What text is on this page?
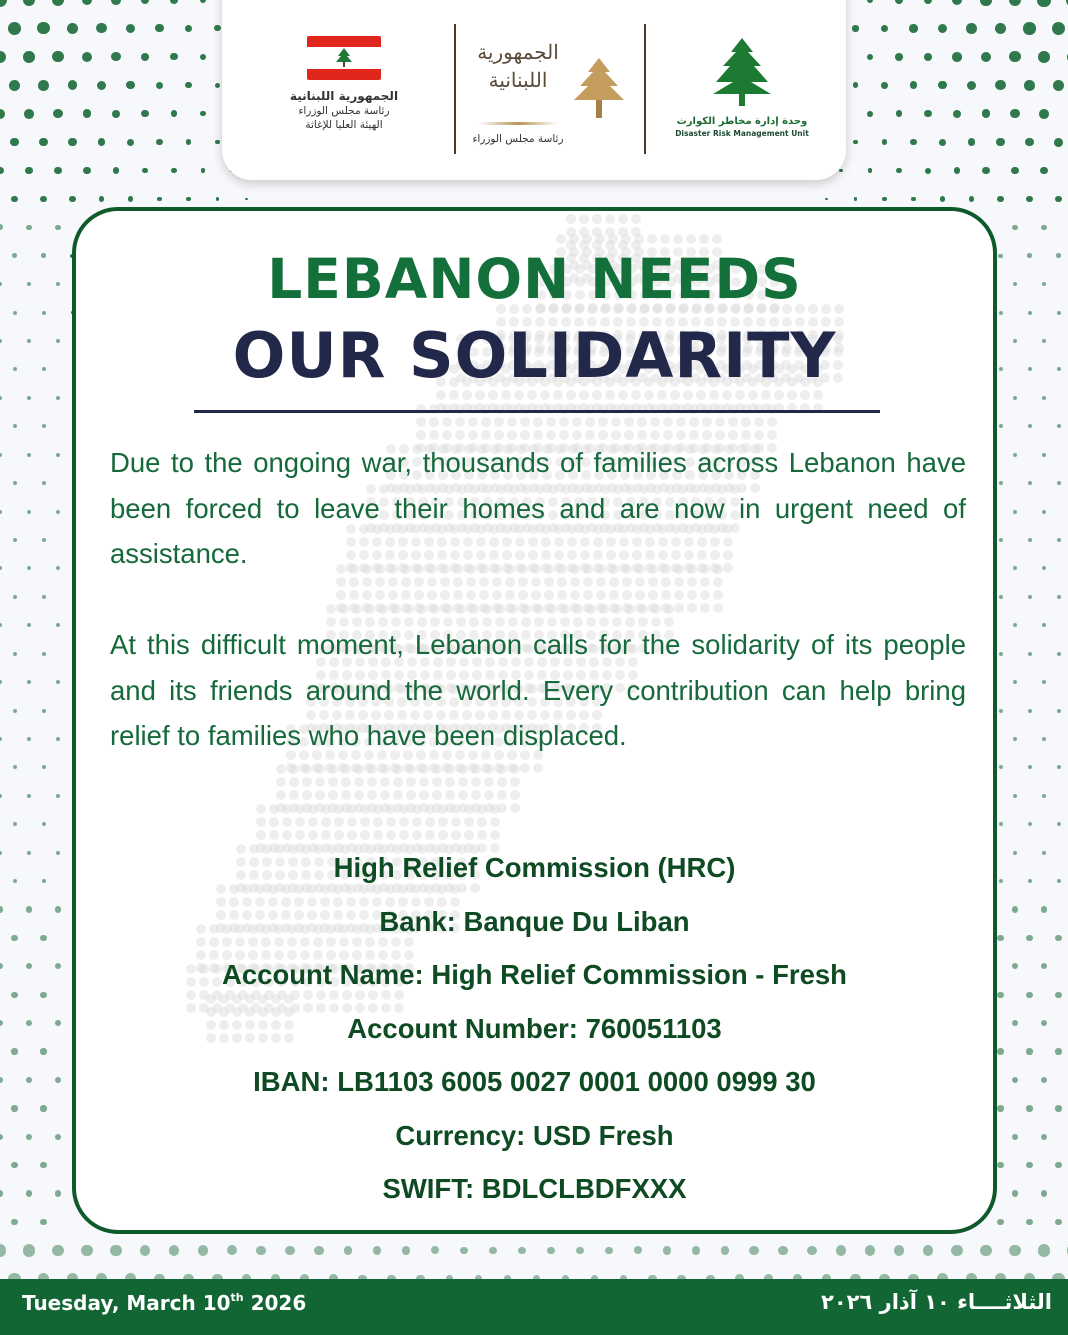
الجمهورية اللبنانية
رئاسة مجلس الوزراء
الهيئة العليا للإغاثة
الجمهورية اللبنانية
رئاسة مجلس الوزراء
وحدة إدارة مخاطر الكوارث
Disaster Risk Management Unit
LEBANON NEEDS
OUR SOLIDARITY

Due to the ongoing war, thousands of families across Lebanon have been forced to leave their homes and are now in urgent need of assistance.

At this difficult moment, Lebanon calls for the solidarity of its people and its friends around the world. Every contribution can help bring relief to families who have been displaced.

High Relief Commission (HRC)
Bank: Banque Du Liban
Account Name: High Relief Commission - Fresh
Account Number: 760051103
IBAN: LB1103 6005 0027 0001 0000 0999 30
Currency: USD Fresh
SWIFT: BDLCLBDFXXX
Tuesday, March 10th 2026	الثلاثــــاء ١٠ آذار ٢٠٢٦
